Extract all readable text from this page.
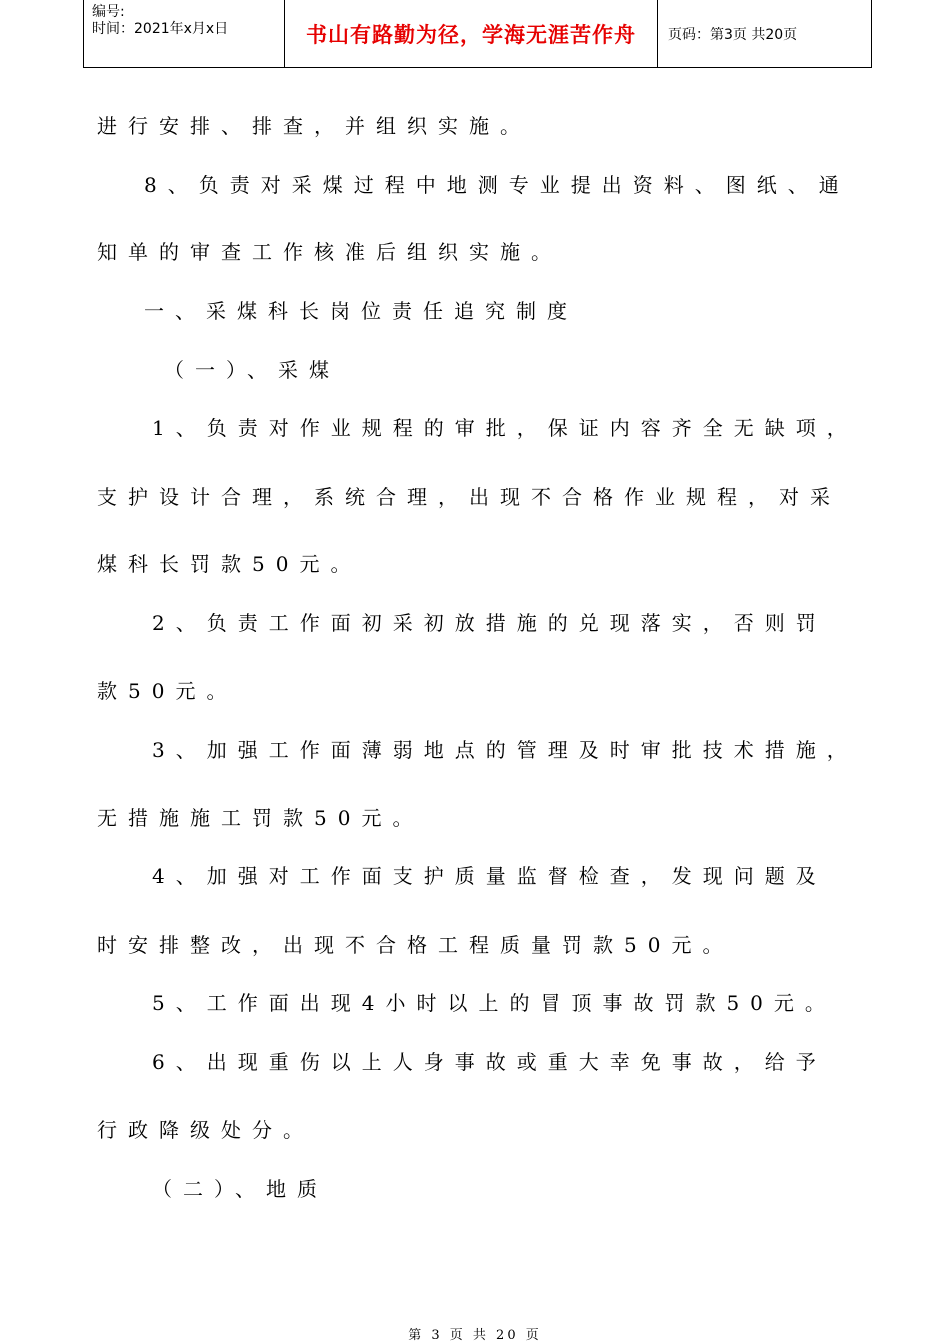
编号:
时间：2021年x月x日	书山有路勤为径，学海无涯苦作舟	页码：第3页 共20页
进行安排、排查，并组织实施。
8、负责对采煤过程中地测专业提出资料、图纸、通
知单的审查工作核准后组织实施。
一、采煤科长岗位责任追究制度
（一）、采煤
1、负责对作业规程的审批，保证内容齐全无缺项，
支护设计合理，系统合理，出现不合格作业规程，对采
煤科长罚款50元。
2、负责工作面初采初放措施的兑现落实，否则罚
款50元。
3、加强工作面薄弱地点的管理及时审批技术措施，
无措施施工罚款50元。
4、加强对工作面支护质量监督检查，发现问题及
时安排整改，出现不合格工程质量罚款50元。
5、工作面出现4小时以上的冒顶事故罚款50元。
6、出现重伤以上人身事故或重大幸免事故，给予
行政降级处分。
（二）、地质
第 3 页 共 20 页
